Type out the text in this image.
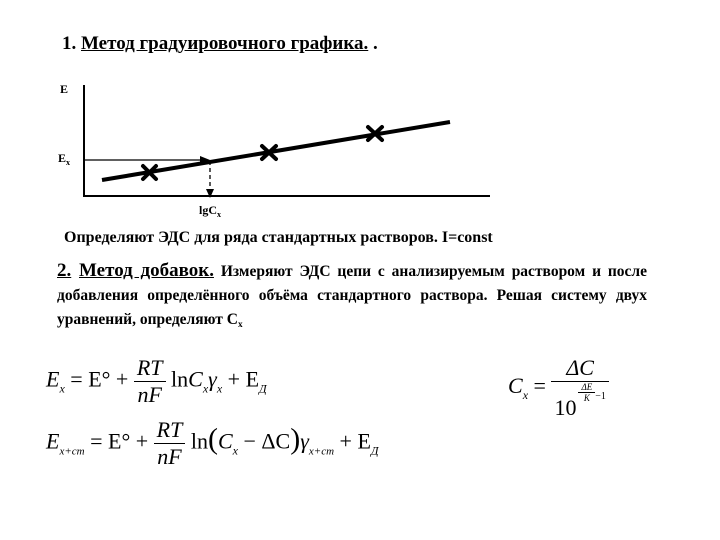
1. Метод градуировочного графика. .
E
$E_x$
lgC$_x$
Определяют ЭДС для ряда стандартных растворов. I=const
2. Метод добавок. Измеряют ЭДС цепи с анализируемым раствором и после добавления определённого объёма стандартного раствора. Решая систему двух уравнений, определяют $С_x$
$E_x = E^\circ + \frac{RT}{nF} \ln C_x\gamma_x + E_Д$
$E_{x+cm} = E^\circ + \frac{RT}{nF} \ln(C_x - \Delta C)\gamma_{x+cm} + E_Д$
$C_x = \Delta C$
10
$\frac{\Delta E}{K} ^{-1}$
